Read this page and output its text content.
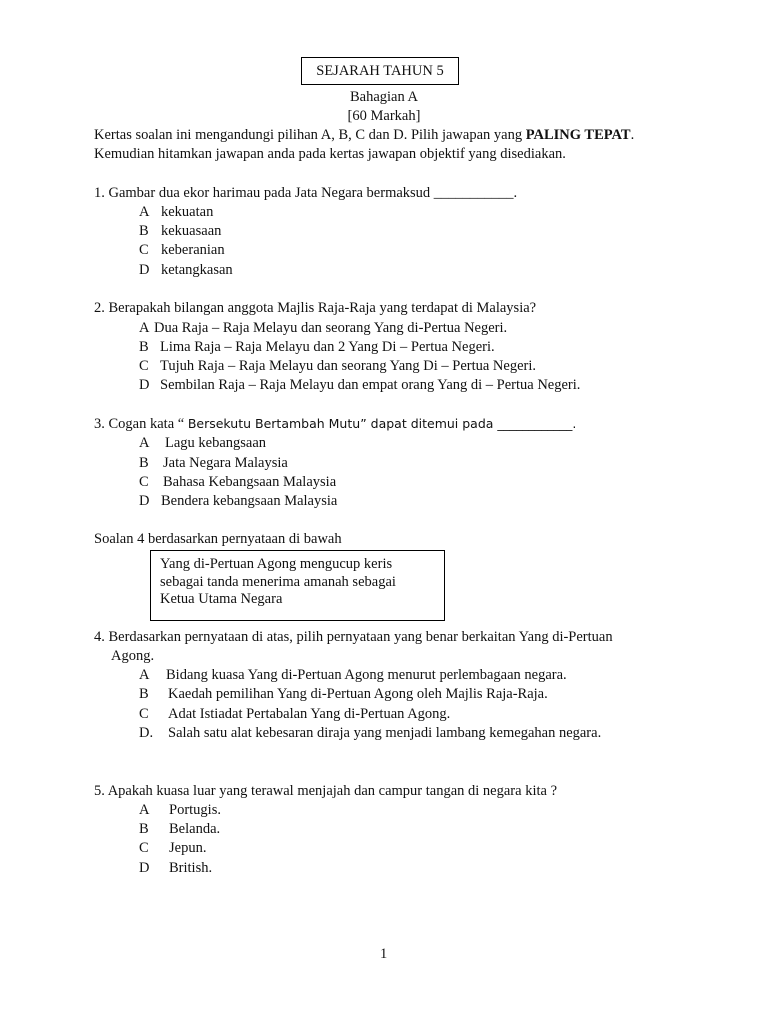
SEJARAH TAHUN 5
Bahagian A
[60 Markah]
Kertas soalan ini mengandungi pilihan A, B, C dan D. Pilih jawapan yang PALING TEPAT.
Kemudian hitamkan jawapan anda pada kertas jawapan objektif yang disediakan.
1. Gambar dua ekor harimau pada Jata Negara bermaksud ___________.
A kekuatan
B kekuasaan
C keberanian
D ketangkasan
2. Berapakah bilangan anggota Majlis Raja-Raja yang terdapat di Malaysia?
A Dua Raja – Raja Melayu dan seorang Yang di-Pertua Negeri.
B Lima Raja – Raja Melayu dan 2 Yang Di – Pertua Negeri.
C Tujuh Raja – Raja Melayu dan seorang Yang Di – Pertua Negeri.
D Sembilan Raja – Raja Melayu dan empat orang Yang di – Pertua Negeri.
3. Cogan kata “ Bersekutu Bertambah Mutu” dapat ditemui pada ____________.
A Lagu kebangsaan
B Jata Negara Malaysia
C Bahasa Kebangsaan Malaysia
D Bendera kebangsaan Malaysia
Soalan 4 berdasarkan pernyataan di bawah
Yang di-Pertuan Agong mengucup keris
sebagai tanda menerima amanah sebagai
Ketua Utama Negara
4. Berdasarkan pernyataan di atas, pilih pernyataan yang benar berkaitan Yang di-Pertuan
Agong.
A Bidang kuasa Yang di-Pertuan Agong menurut perlembagaan negara.
B Kaedah pemilihan Yang di-Pertuan Agong oleh Majlis Raja-Raja.
C Adat Istiadat Pertabalan Yang di-Pertuan Agong.
D. Salah satu alat kebesaran diraja yang menjadi lambang kemegahan negara.
5. Apakah kuasa luar yang terawal menjajah dan campur tangan di negara kita ?
A Portugis.
B Belanda.
C Jepun.
D British.
1
